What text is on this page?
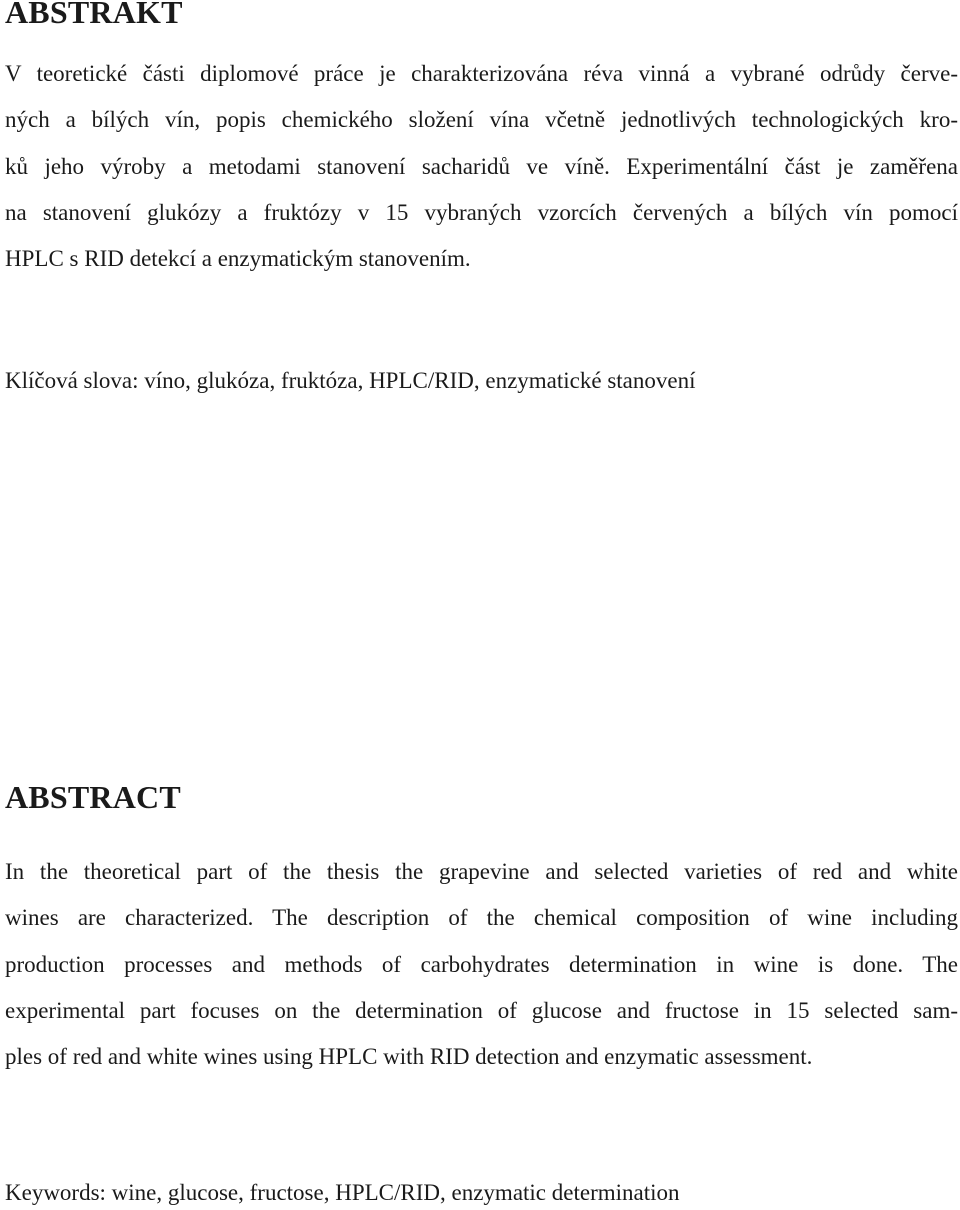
ABSTRAKT

V teoretické části diplomové práce je charakterizována réva vinná a vybrané odrůdy červe-
ných a bílých vín, popis chemického složení vína včetně jednotlivých technologických kro-
ků jeho výroby a metodami stanovení sacharidů ve víně. Experimentální část je zaměřena
na stanovení glukózy a fruktózy v 15 vybraných vzorcích červených a bílých vín pomocí
HPLC s RID detekcí a enzymatickým stanovením.

Klíčová slova: víno, glukóza, fruktóza, HPLC/RID, enzymatické stanovení

ABSTRACT

In the theoretical part of the thesis the grapevine and selected varieties of red and white
wines are characterized. The description of the chemical composition of wine including
production processes and methods of carbohydrates determination in wine is done. The
experimental part focuses on the determination of glucose and fructose in 15 selected sam-
ples of red and white wines using HPLC with RID detection and enzymatic assessment.

Keywords: wine, glucose, fructose, HPLC/RID, enzymatic determination
